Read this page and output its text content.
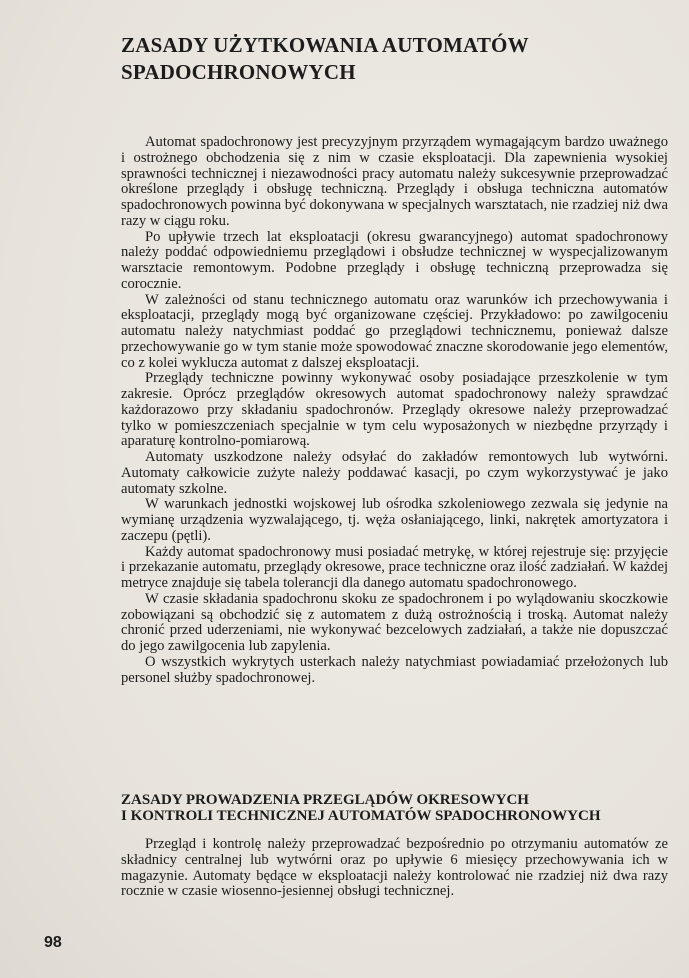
ZASADY UŻYTKOWANIA AUTOMATÓW
SPADOCHRONOWYCH

Automat spadochronowy jest precyzyjnym przyrządem wymagającym bardzo uważnego i ostrożnego obchodzenia się z nim w czasie eksploatacji. Dla zapewnienia wysokiej sprawności technicznej i niezawodności pracy automatu należy sukcesywnie przeprowadzać określone przeglądy i obsługę techniczną. Przeglądy i obsługa techniczna automatów spadochronowych powinna być dokonywana w specjalnych warsztatach, nie rzadziej niż dwa razy w ciągu roku.

Po upływie trzech lat eksploatacji (okresu gwarancyjnego) automat spadochronowy należy poddać odpowiedniemu przeglądowi i obsłudze technicznej w wyspecjalizowanym warsztacie remontowym. Podobne przeglądy i obsługę techniczną przeprowadza się corocznie.

W zależności od stanu technicznego automatu oraz warunków ich przechowywania i eksploatacji, przeglądy mogą być organizowane częściej. Przykładowo: po zawilgoceniu automatu należy natychmiast poddać go przeglądowi technicznemu, ponieważ dalsze przechowywanie go w tym stanie może spowodować znaczne skorodowanie jego elementów, co z kolei wyklucza automat z dalszej eksploatacji.

Przeglądy techniczne powinny wykonywać osoby posiadające przeszkolenie w tym zakresie. Oprócz przeglądów okresowych automat spadochronowy należy sprawdzać każdorazowo przy składaniu spadochronów. Przeglądy okresowe należy przeprowadzać tylko w pomieszczeniach specjalnie w tym celu wyposażonych w niezbędne przyrządy i aparaturę kontrolno-pomiarową.

Automaty uszkodzone należy odsyłać do zakładów remontowych lub wytwórni. Automaty całkowicie zużyte należy poddawać kasacji, po czym wykorzystywać je jako automaty szkolne.

W warunkach jednostki wojskowej lub ośrodka szkoleniowego zezwala się jedynie na wymianę urządzenia wyzwalającego, tj. węża osłaniającego, linki, nakrętek amortyzatora i zaczepu (pętli).

Każdy automat spadochronowy musi posiadać metrykę, w której rejestruje się: przyjęcie i przekazanie automatu, przeglądy okresowe, prace techniczne oraz ilość zadziałań. W każdej metryce znajduje się tabela tolerancji dla danego automatu spadochronowego.

W czasie składania spadochronu skoku ze spadochronem i po wylądowaniu skoczkowie zobowiązani są obchodzić się z automatem z dużą ostrożnością i troską. Automat należy chronić przed uderzeniami, nie wykonywać bezcelowych zadziałań, a także nie dopuszczać do jego zawilgocenia lub zapylenia.

O wszystkich wykrytych usterkach należy natychmiast powiadamiać przełożonych lub personel służby spadochronowej.

ZASADY PROWADZENIA PRZEGLĄDÓW OKRESOWYCH
I KONTROLI TECHNICZNEJ AUTOMATÓW SPADOCHRONOWYCH

Przegląd i kontrolę należy przeprowadzać bezpośrednio po otrzymaniu automatów ze składnicy centralnej lub wytwórni oraz po upływie 6 miesięcy przechowywania ich w magazynie. Automaty będące w eksploatacji należy kontrolować nie rzadziej niż dwa razy rocznie w czasie wiosenno-jesiennej obsługi technicznej.

98
